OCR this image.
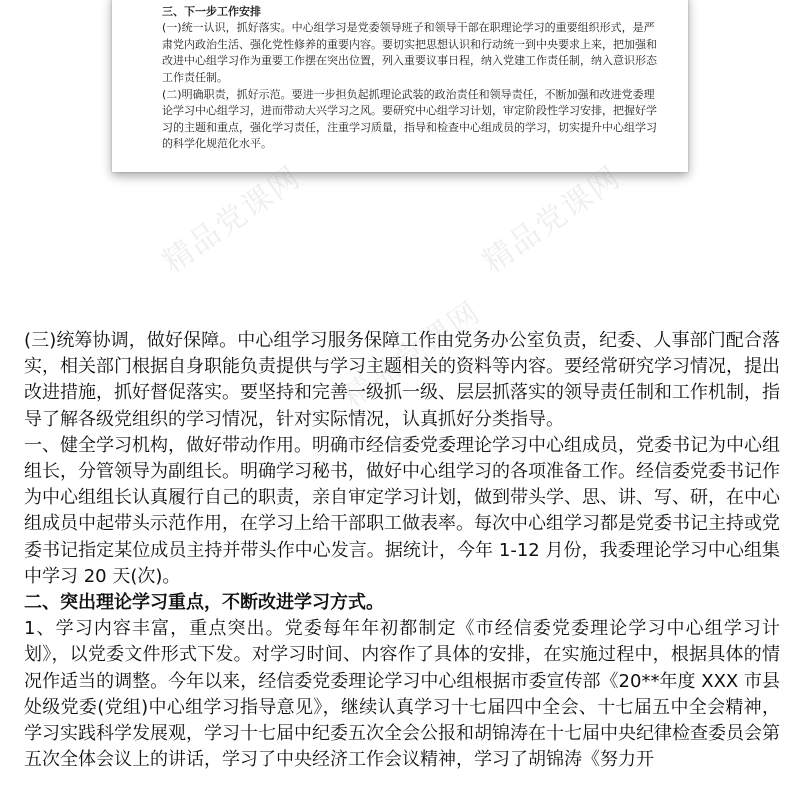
三、下一步工作安排

(一)统一认识，抓好落实。中心组学习是党委领导班子和领导干部在职理论学习的重要组织形式，是严肃党内政治生活、强化党性修养的重要内容。要切实把思想认识和行动统一到中央要求上来，把加强和改进中心组学习作为重要工作摆在突出位置，列入重要议事日程，纳入党建工作责任制，纳入意识形态工作责任制。

(二)明确职责，抓好示范。要进一步担负起抓理论武装的政治责任和领导责任，不断加强和改进党委理论学习中心组学习，进而带动大兴学习之风。要研究中心组学习计划，审定阶段性学习安排，把握好学习的主题和重点，强化学习责任，注重学习质量，指导和检查中心组成员的学习，切实提升中心组学习的科学化规范化水平。

精品党课网	精品党课网
精品党课网

(三)统筹协调，做好保障。中心组学习服务保障工作由党务办公室负责，纪委、人事部门配合落实，相关部门根据自身职能负责提供与学习主题相关的资料等内容。要经常研究学习情况，提出改进措施，抓好督促落实。要坚持和完善一级抓一级、层层抓落实的领导责任制和工作机制，指导了解各级党组织的学习情况，针对实际情况，认真抓好分类指导。

一、健全学习机构，做好带动作用。明确市经信委党委理论学习中心组成员，党委书记为中心组组长，分管领导为副组长。明确学习秘书，做好中心组学习的各项准备工作。经信委党委书记作为中心组组长认真履行自己的职责，亲自审定学习计划，做到带头学、思、讲、写、研，在中心组成员中起带头示范作用，在学习上给干部职工做表率。每次中心组学习都是党委书记主持或党委书记指定某位成员主持并带头作中心发言。据统计，今年 1-12 月份，我委理论学习中心组集中学习 20 天(次)。

二、突出理论学习重点，不断改进学习方式。

1、学习内容丰富，重点突出。党委每年年初都制定《市经信委党委理论学习中心组学习计划》，以党委文件形式下发。对学习时间、内容作了具体的安排，在实施过程中，根据具体的情况作适当的调整。今年以来，经信委党委理论学习中心组根据市委宣传部《20**年度 XXX 市县处级党委(党组)中心组学习指导意见》，继续认真学习十七届四中全会、十七届五中全会精神，学习实践科学发展观，学习十七届中纪委五次全会公报和胡锦涛在十七届中央纪律检查委员会第五次全体会议上的讲话，学习了中央经济工作会议精神，学习了胡锦涛《努力开
